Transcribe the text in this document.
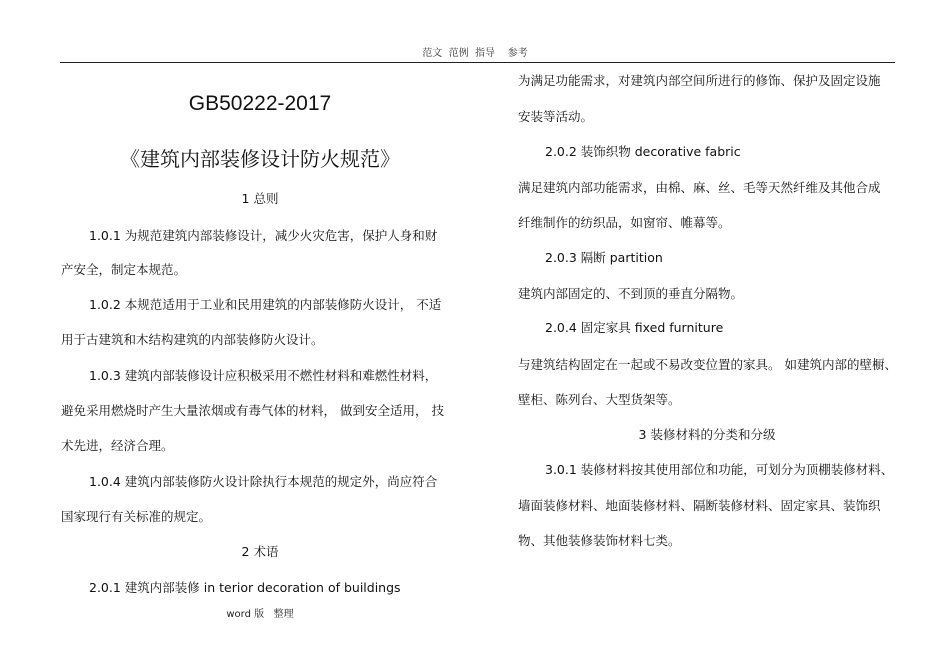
范文  范例  指导    参考
GB50222-2017
《建筑内部装修设计防火规范》
1 总则
1.0.1 为规范建筑内部装修设计，减少火灾危害，保护人身和财
产安全，制定本规范。
1.0.2 本规范适用于工业和民用建筑的内部装修防火设计， 不适
用于古建筑和木结构建筑的内部装修防火设计。
1.0.3 建筑内部装修设计应积极采用不燃性材料和难燃性材料，
避免采用燃烧时产生大量浓烟或有毒气体的材料， 做到安全适用， 技
术先进，经济合理。
1.0.4 建筑内部装修防火设计除执行本规范的规定外，尚应符合
国家现行有关标准的规定。
2 术语
2.0.1 建筑内部装修 in terior decoration of buildings
为满足功能需求，对建筑内部空间所进行的修饰、保护及固定设施
安装等活动。
2.0.2 装饰织物 decorative fabric
满足建筑内部功能需求，由棉、麻、丝、毛等天然纤维及其他合成
纤维制作的纺织品，如窗帘、帷幕等。
2.0.3 隔断 partition
建筑内部固定的、不到顶的垂直分隔物。
2.0.4 固定家具 fixed furniture
与建筑结构固定在一起或不易改变位置的家具。 如建筑内部的壁橱、
壁柜、陈列台、大型货架等。
3 装修材料的分类和分级
3.0.1 装修材料按其使用部位和功能，可划分为顶棚装修材料、
墙面装修材料、地面装修材料、隔断装修材料、固定家具、装饰织
物、其他装修装饰材料七类。
word 版   整理
